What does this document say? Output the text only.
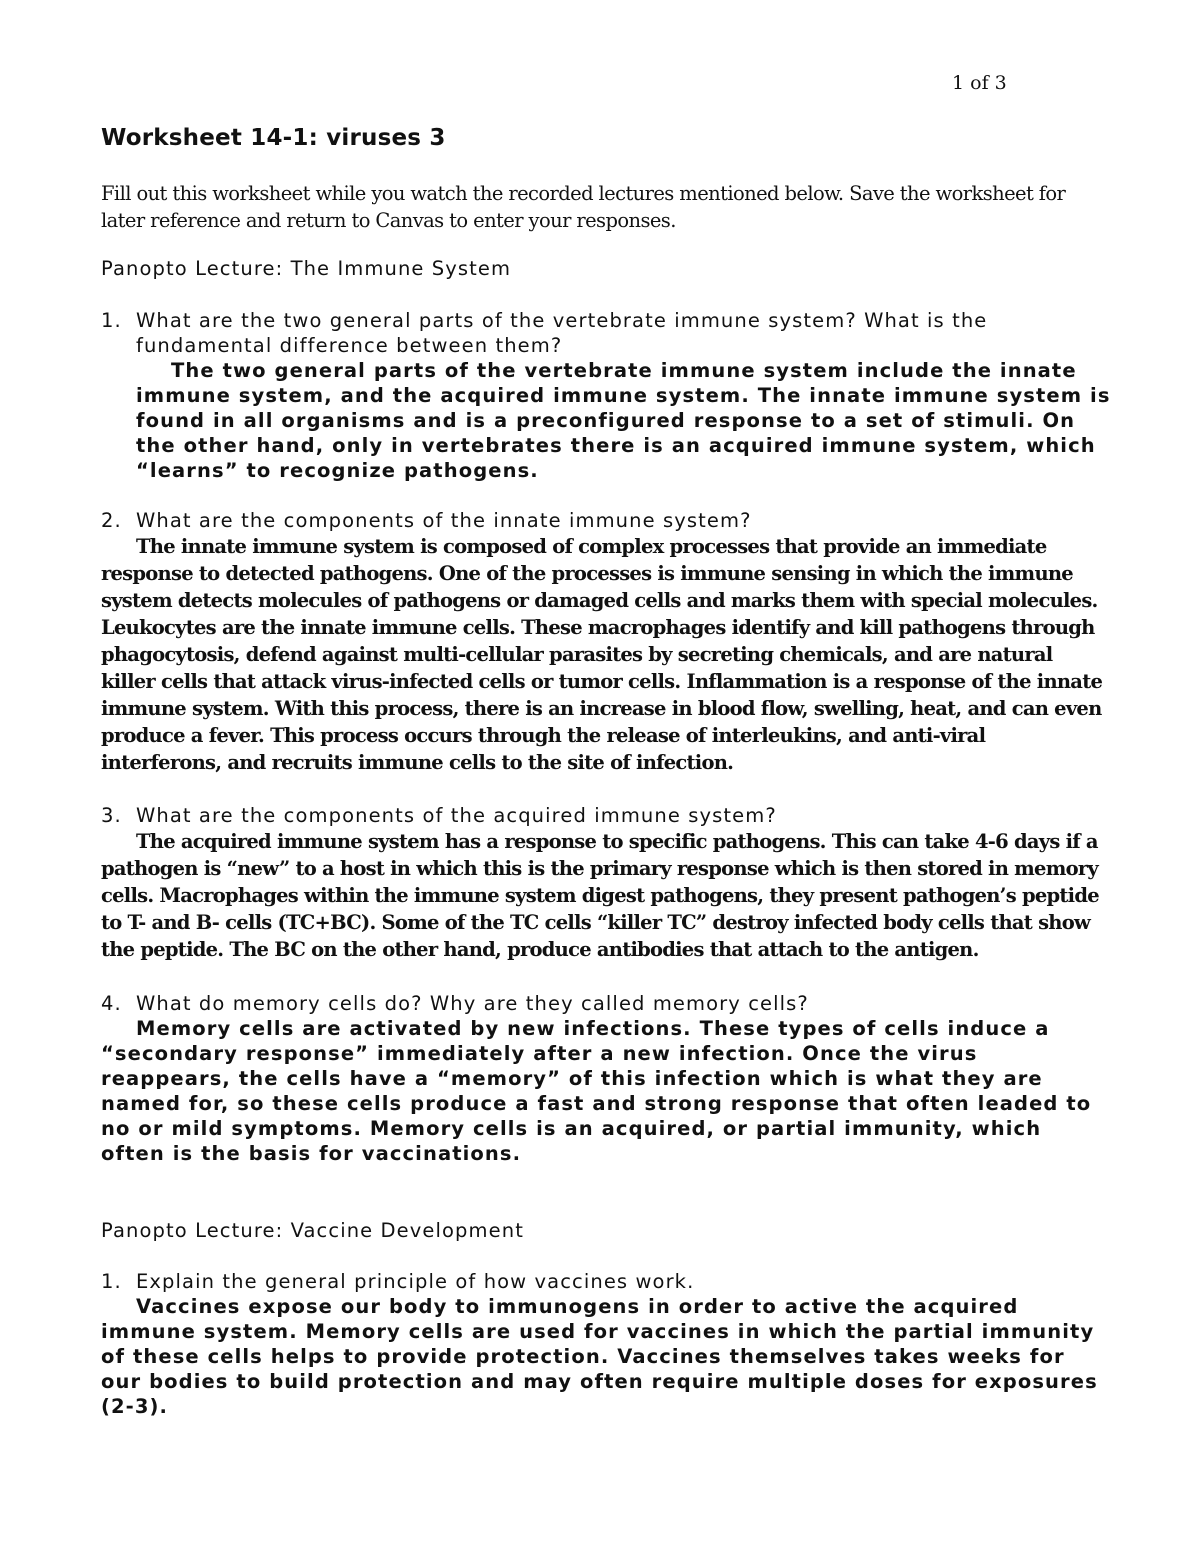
1 of 3
Worksheet 14-1: viruses 3

Fill out this worksheet while you watch the recorded lectures mentioned below. Save the worksheet for later reference and return to Canvas to enter your responses.

Panopto Lecture: The Immune System
1. What are the two general parts of the vertebrate immune system? What is the fundamental difference between them?
The two general parts of the vertebrate immune system include the innate immune system, and the acquired immune system. The innate immune system is found in all organisms and is a preconfigured response to a set of stimuli. On the other hand, only in vertebrates there is an acquired immune system, which “learns” to recognize pathogens.
2. What are the components of the innate immune system?
The innate immune system is composed of complex processes that provide an immediate response to detected pathogens. One of the processes is immune sensing in which the immune system detects molecules of pathogens or damaged cells and marks them with special molecules. Leukocytes are the innate immune cells. These macrophages identify and kill pathogens through phagocytosis, defend against multi-cellular parasites by secreting chemicals, and are natural killer cells that attack virus-infected cells or tumor cells. Inflammation is a response of the innate immune system. With this process, there is an increase in blood flow, swelling, heat, and can even produce a fever. This process occurs through the release of interleukins, and anti-viral interferons, and recruits immune cells to the site of infection.
3. What are the components of the acquired immune system?
The acquired immune system has a response to specific pathogens. This can take 4-6 days if a pathogen is “new” to a host in which this is the primary response which is then stored in memory cells. Macrophages within the immune system digest pathogens, they present pathogen’s peptide to T- and B- cells (TC+BC). Some of the TC cells “killer TC” destroy infected body cells that show the peptide. The BC on the other hand, produce antibodies that attach to the antigen.
4. What do memory cells do? Why are they called memory cells?
Memory cells are activated by new infections. These types of cells induce a “secondary response” immediately after a new infection. Once the virus reappears, the cells have a “memory” of this infection which is what they are named for, so these cells produce a fast and strong response that often leaded to no or mild symptoms. Memory cells is an acquired, or partial immunity, which often is the basis for vaccinations.
Panopto Lecture: Vaccine Development
1. Explain the general principle of how vaccines work.
Vaccines expose our body to immunogens in order to active the acquired immune system. Memory cells are used for vaccines in which the partial immunity of these cells helps to provide protection. Vaccines themselves takes weeks for our bodies to build protection and may often require multiple doses for exposures (2-3).
